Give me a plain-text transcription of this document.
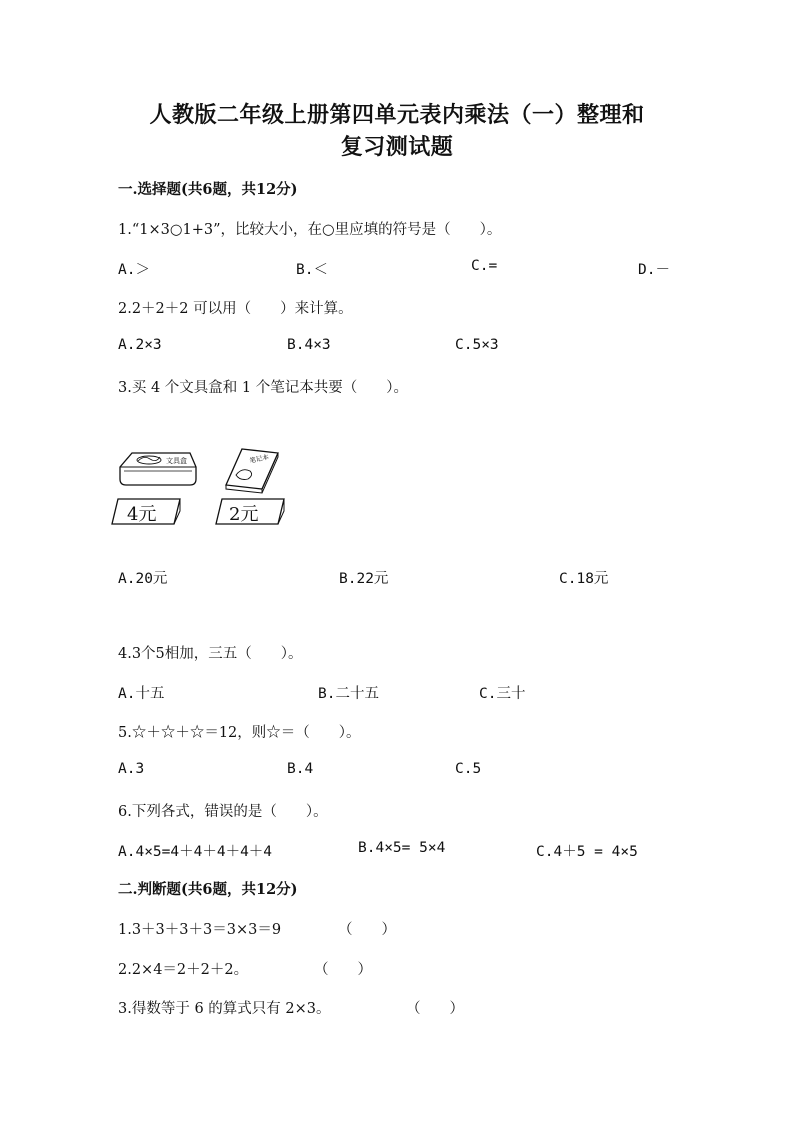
人教版二年级上册第四单元表内乘法（一）整理和
复习测试题
一.选择题(共6题，共12分)
1.“1×3○1+3”，比较大小，在○里应填的符号是（　　）。
A.＞	B.＜	C.=	D.－
2.2＋2＋2 可以用（　　）来计算。
A.2×3	B.4×3	C.5×3
3.买 4 个文具盒和 1 个笔记本共要（　　）。
文具盒
4元
笔记本
2元
A.20元	B.22元	C.18元
4.3个5相加，三五（　　）。
A.十五	B.二十五	C.三十
5.☆＋☆＋☆＝12，则☆＝（　　）。
A.3	B.4	C.5
6.下列各式，错误的是（　　）。
A.4×5=4＋4＋4＋4＋4	B.4×5= 5×4	C.4＋5 = 4×5
二.判断题(共6题，共12分)
1.3＋3＋3＋3＝3×3＝9	（　　）
2.2×4＝2＋2＋2。	（　　）
3.得数等于 6 的算式只有 2×3。	（　　）
